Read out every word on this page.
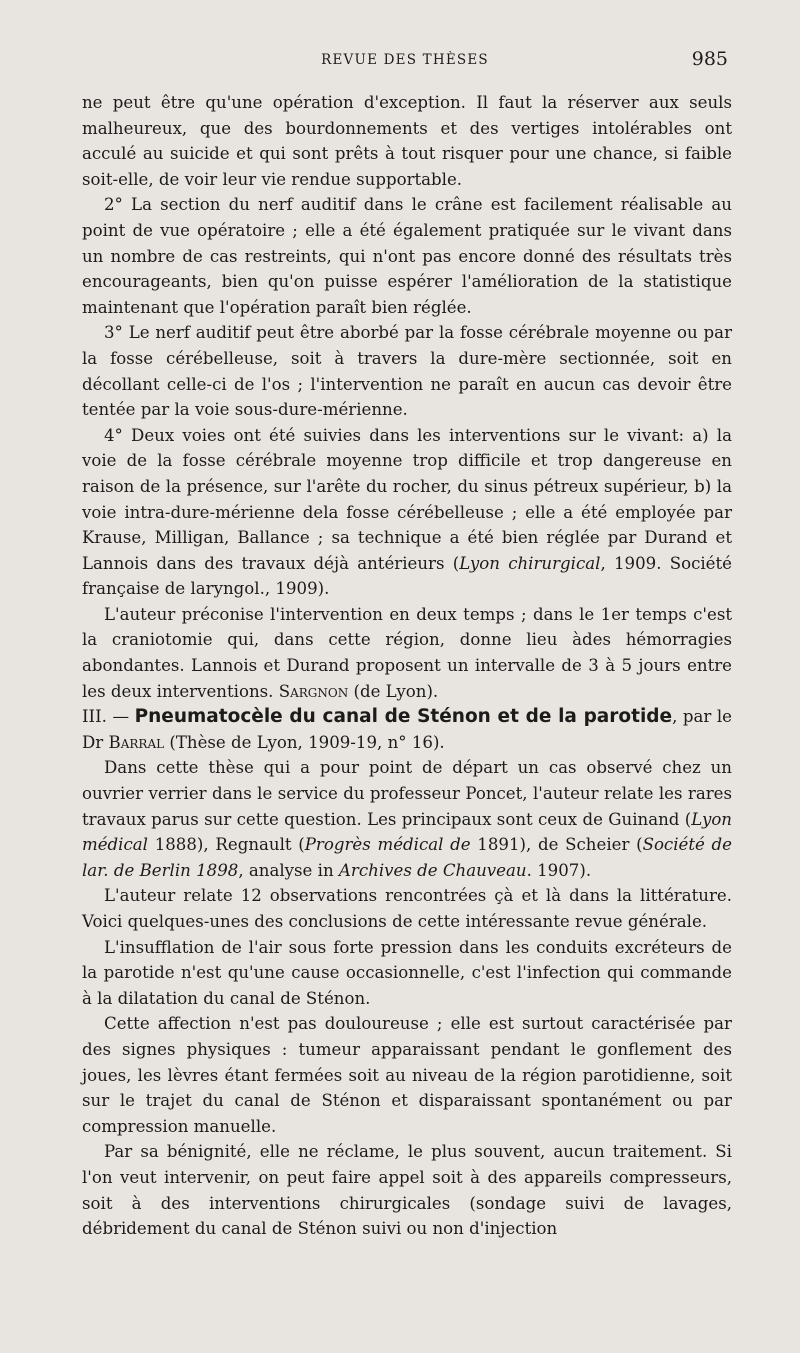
REVUE DES THÈSES	985

ne peut être qu'une opération d'exception. Il faut la réserver aux seuls malheureux, que des bourdonnements et des vertiges intolérables ont acculé au suicide et qui sont prêts à tout risquer pour une chance, si faible soit-elle, de voir leur vie rendue supportable.

2° La section du nerf auditif dans le crâne est facilement réalisable au point de vue opératoire ; elle a été également pratiquée sur le vivant dans un nombre de cas restreints, qui n'ont pas encore donné des résultats très encourageants, bien qu'on puisse espérer l'amélioration de la statistique maintenant que l'opération paraît bien réglée.

3° Le nerf auditif peut être aborbé par la fosse cérébrale moyenne ou par la fosse cérébelleuse, soit à travers la dure-mère sectionnée, soit en décollant celle-ci de l'os ; l'intervention ne paraît en aucun cas devoir être tentée par la voie sous-dure-mérienne.

4° Deux voies ont été suivies dans les interventions sur le vivant: a) la voie de la fosse cérébrale moyenne trop difficile et trop dangereuse en raison de la présence, sur l'arête du rocher, du sinus pétreux supérieur, b) la voie intra-dure-mérienne dela fosse cérébelleuse ; elle a été employée par Krause, Milligan, Ballance ; sa technique a été bien réglée par Durand et Lannois dans des travaux déjà antérieurs (Lyon chirurgical, 1909. Société française de laryngol., 1909).

L'auteur préconise l'intervention en deux temps ; dans le 1er temps c'est la craniotomie qui, dans cette région, donne lieu àdes hémorragies abondantes. Lannois et Durand proposent un intervalle de 3 à 5 jours entre les deux interventions. Sargnon (de Lyon).

III. — Pneumatocèle du canal de Sténon et de la parotide, par le Dr Barral (Thèse de Lyon, 1909-19, n° 16).

Dans cette thèse qui a pour point de départ un cas observé chez un ouvrier verrier dans le service du professeur Poncet, l'auteur relate les rares travaux parus sur cette question. Les principaux sont ceux de Guinand (Lyon médical 1888), Regnault (Progrès médical de 1891), de Scheier (Société de lar. de Berlin 1898, analyse in Archives de Chauveau. 1907).

L'auteur relate 12 observations rencontrées çà et là dans la littérature. Voici quelques-unes des conclusions de cette intéressante revue générale.

L'insufflation de l'air sous forte pression dans les conduits excréteurs de la parotide n'est qu'une cause occasionnelle, c'est l'infection qui commande à la dilatation du canal de Sténon.

Cette affection n'est pas douloureuse ; elle est surtout caractérisée par des signes physiques : tumeur apparaissant pendant le gonflement des joues, les lèvres étant fermées soit au niveau de la région parotidienne, soit sur le trajet du canal de Sténon et disparaissant spontanément ou par compression manuelle.

Par sa bénignité, elle ne réclame, le plus souvent, aucun traitement. Si l'on veut intervenir, on peut faire appel soit à des appareils compresseurs, soit à des interventions chirurgicales (sondage suivi de lavages, débridement du canal de Sténon suivi ou non d'injection
